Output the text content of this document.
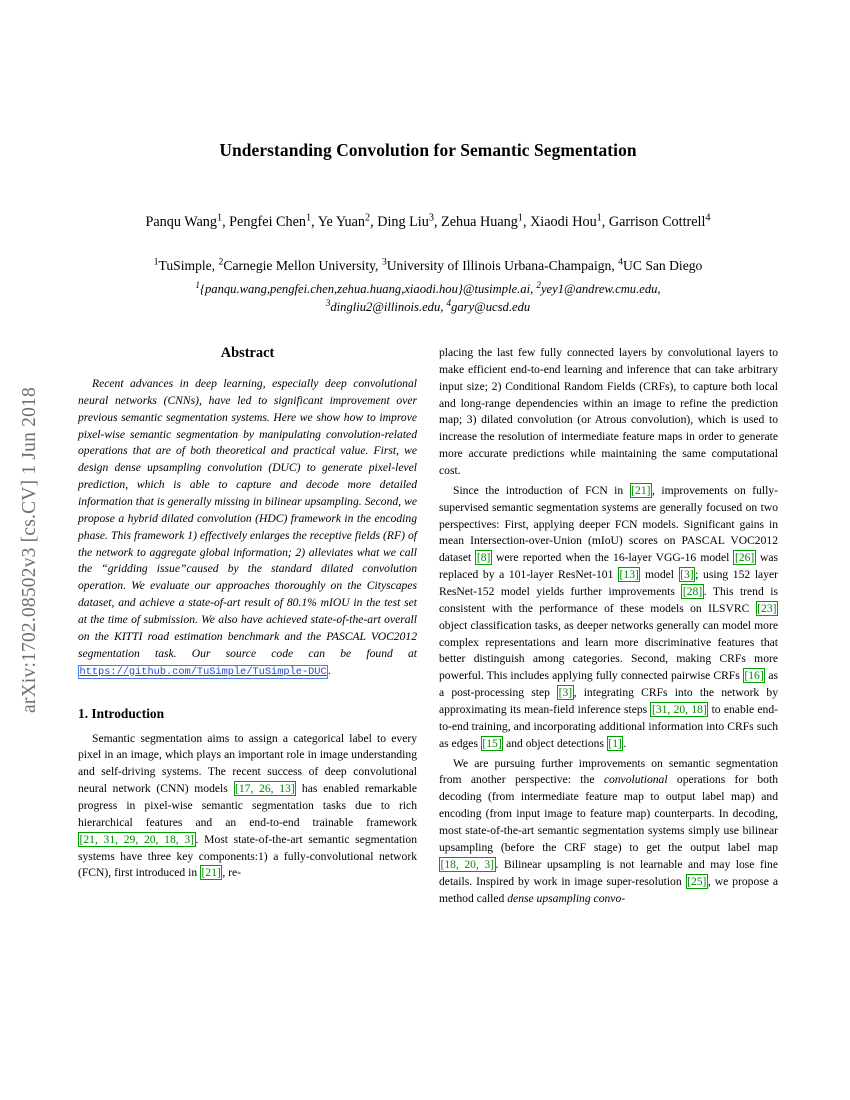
arXiv:1702.08502v3 [cs.CV] 1 Jun 2018
Understanding Convolution for Semantic Segmentation
Panqu Wang$^1$, Pengfei Chen$^1$, Ye Yuan$^2$, Ding Liu$^3$, Zehua Huang$^1$, Xiaodi Hou$^1$, Garrison Cottrell$^4$
$^1$TuSimple, $^2$Carnegie Mellon University, $^3$University of Illinois Urbana-Champaign, $^4$UC San Diego
$^1${panqu.wang,pengfei.chen,zehua.huang,xiaodi.hou}@tusimple.ai, $^2$yey1@andrew.cmu.edu,
$^3$dingliu2@illinois.edu, $^4$gary@ucsd.edu
Abstract

Recent advances in deep learning, especially deep convolutional neural networks (CNNs), have led to significant improvement over previous semantic segmentation systems. Here we show how to improve pixel-wise semantic segmentation by manipulating convolution-related operations that are of both theoretical and practical value. First, we design dense upsampling convolution (DUC) to generate pixel-level prediction, which is able to capture and decode more detailed information that is generally missing in bilinear upsampling. Second, we propose a hybrid dilated convolution (HDC) framework in the encoding phase. This framework 1) effectively enlarges the receptive fields (RF) of the network to aggregate global information; 2) alleviates what we call the “gridding issue”caused by the standard dilated convolution operation. We evaluate our approaches thoroughly on the Cityscapes dataset, and achieve a state-of-art result of 80.1% mIOU in the test set at the time of submission. We also have achieved state-of-the-art overall on the KITTI road estimation benchmark and the PASCAL VOC2012 segmentation task. Our source code can be found at https://github.com/TuSimple/TuSimple-DUC .

1. Introduction

Semantic segmentation aims to assign a categorical label to every pixel in an image, which plays an important role in image understanding and self-driving systems. The recent success of deep convolutional neural network (CNN) models [17, 26, 13] has enabled remarkable progress in pixel-wise semantic segmentation tasks due to rich hierarchical features and an end-to-end trainable framework [21, 31, 29, 20, 18, 3] . Most state-of-the-art semantic segmentation systems have three key components:1) a fully-convolutional network (FCN), first introduced in [21] , re-

placing the last few fully connected layers by convolutional layers to make efficient end-to-end learning and inference that can take arbitrary input size; 2) Conditional Random Fields (CRFs), to capture both local and long-range dependencies within an image to refine the prediction map; 3) dilated convolution (or Atrous convolution), which is used to increase the resolution of intermediate feature maps in order to generate more accurate predictions while maintaining the same computational cost.

Since the introduction of FCN in [21] , improvements on fully-supervised semantic segmentation systems are generally focused on two perspectives: First, applying deeper FCN models. Significant gains in mean Intersection-over-Union (mIoU) scores on PASCAL VOC2012 dataset [8] were reported when the 16-layer VGG-16 model [26] was replaced by a 101-layer ResNet-101 [13] model [3] ; using 152 layer ResNet-152 model yields further improvements [28] . This trend is consistent with the performance of these models on ILSVRC [23] object classification tasks, as deeper networks generally can model more complex representations and learn more discriminative features that better distinguish among categories. Second, making CRFs more powerful. This includes applying fully connected pairwise CRFs [16] as a post-processing step [3] , integrating CRFs into the network by approximating its mean-field inference steps [31, 20, 18] to enable end-to-end training, and incorporating additional information into CRFs such as edges [15] and object detections [1] .

We are pursuing further improvements on semantic segmentation from another perspective: the convolutional operations for both decoding (from intermediate feature map to output label map) and encoding (from input image to feature map) counterparts. In decoding, most state-of-the-art semantic segmentation systems simply use bilinear upsampling (before the CRF stage) to get the output label map [18, 20, 3] . Bilinear upsampling is not learnable and may lose fine details. Inspired by work in image super-resolution [25] , we propose a method called dense upsampling convo-
